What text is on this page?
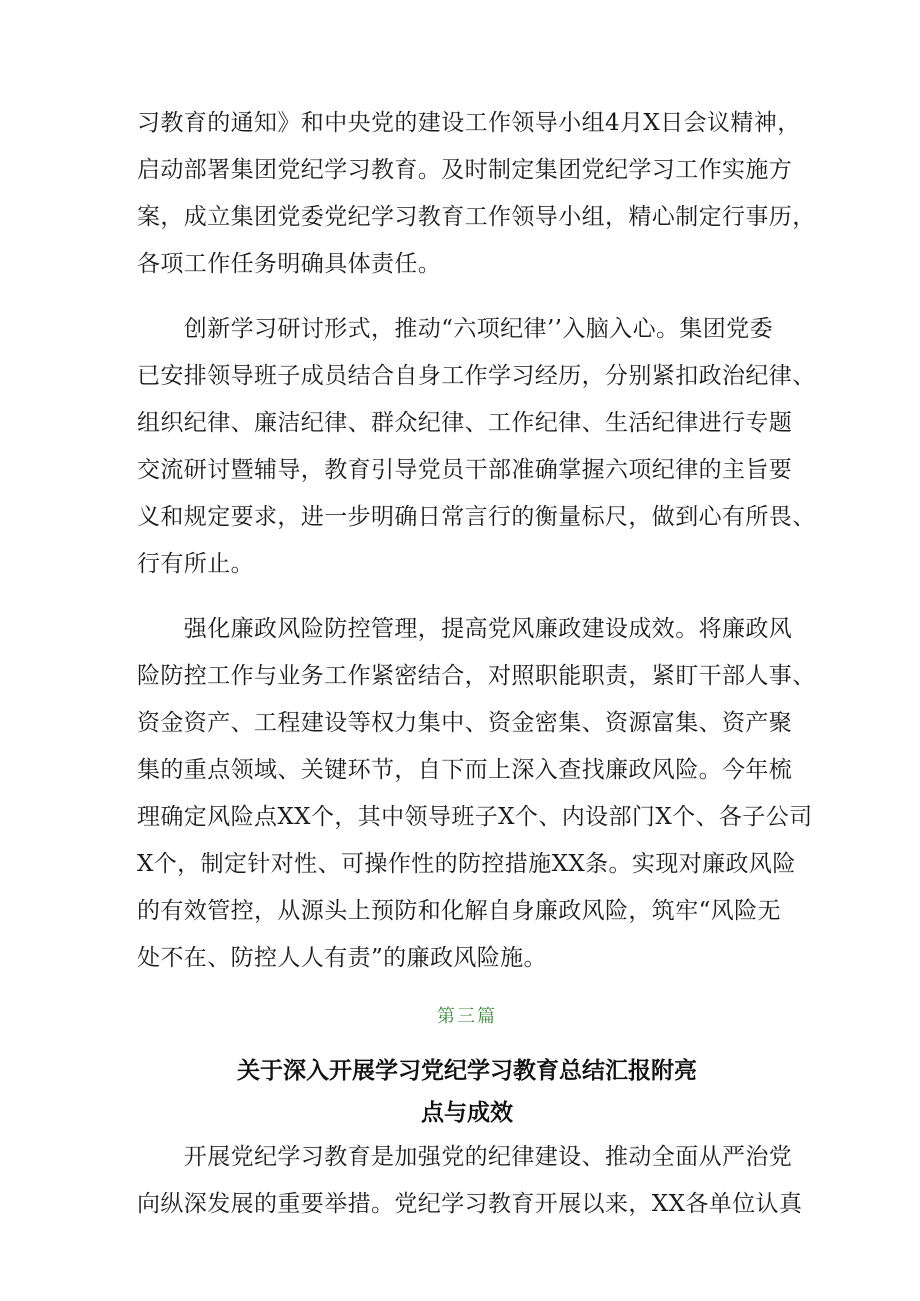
习教育的通知》和中央党的建设工作领导小组4月X日会议精神，
启动部署集团党纪学习教育。及时制定集团党纪学习工作实施方
案，成立集团党委党纪学习教育工作领导小组，精心制定行事历，
各项工作任务明确具体责任。

　　创新学习研讨形式，推动“六项纪律’’入脑入心。集团党委
已安排领导班子成员结合自身工作学习经历，分别紧扣政治纪律、
组织纪律、廉洁纪律、群众纪律、工作纪律、生活纪律进行专题
交流研讨暨辅导，教育引导党员干部准确掌握六项纪律的主旨要
义和规定要求，进一步明确日常言行的衡量标尺，做到心有所畏、
行有所止。

　　强化廉政风险防控管理，提高党风廉政建设成效。将廉政风
险防控工作与业务工作紧密结合，对照职能职责，紧盯干部人事、
资金资产、工程建设等权力集中、资金密集、资源富集、资产聚
集的重点领域、关键环节，自下而上深入查找廉政风险。今年梳
理确定风险点XX个，其中领导班子X个、内设部门X个、各子公司
X个，制定针对性、可操作性的防控措施XX条。实现对廉政风险
的有效管控，从源头上预防和化解自身廉政风险，筑牢“风险无
处不在、防控人人有责”的廉政风险施。

第三篇

关于深入开展学习党纪学习教育总结汇报附亮
点与成效

　　开展党纪学习教育是加强党的纪律建设、推动全面从严治党
向纵深发展的重要举措。党纪学习教育开展以来，XX各单位认真
